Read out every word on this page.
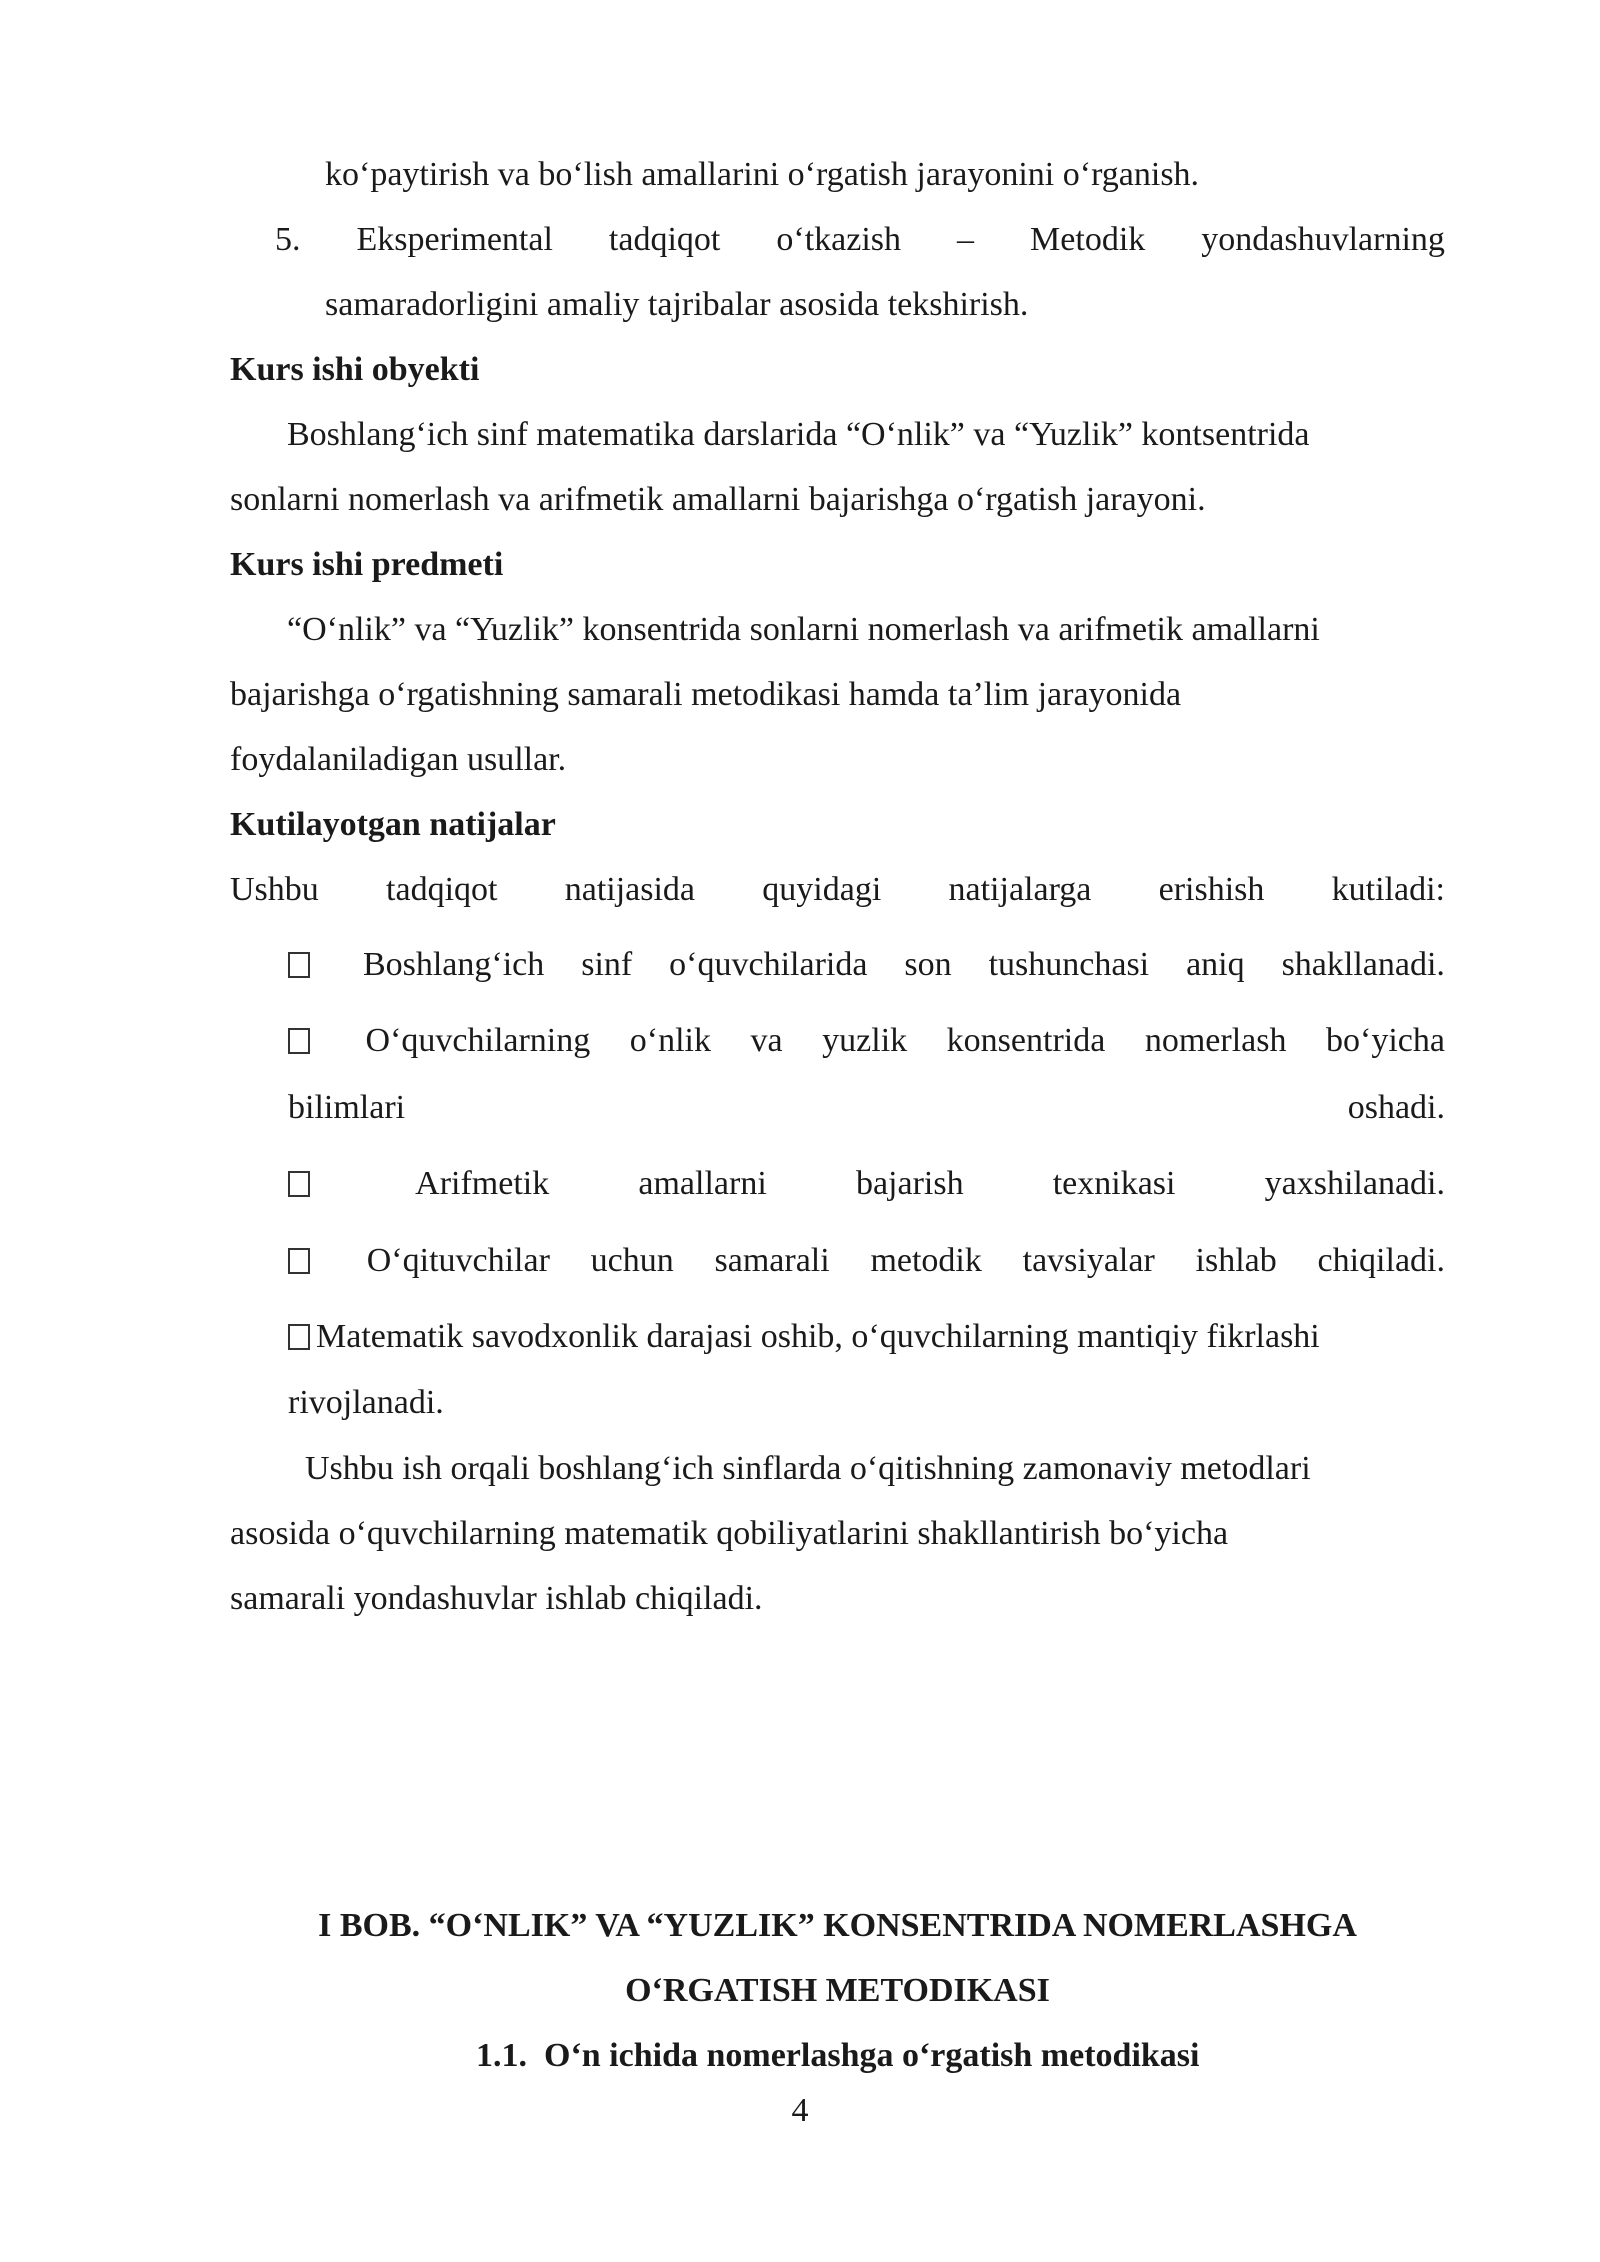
ko‘paytirish va bo‘lish amallarini o‘rgatish jarayonini o‘rganish.
5. Eksperimental tadqiqot o‘tkazish – Metodik yondashuvlarning
samaradorligini amaliy tajribalar asosida tekshirish.
Kurs ishi obyekti
Boshlang‘ich sinf matematika darslarida “O‘nlik” va “Yuzlik” kontsentrida
sonlarni nomerlash va arifmetik amallarni bajarishga o‘rgatish jarayoni.
Kurs ishi predmeti
“O‘nlik” va “Yuzlik” konsentrida sonlarni nomerlash va arifmetik amallarni
bajarishga o‘rgatishning samarali metodikasi hamda ta’lim jarayonida
foydalaniladigan usullar.
Kutilayotgan natijalar
Ushbu tadqiqot natijasida quyidagi natijalarga erishish kutiladi:
Boshlang‘ich sinf o‘quvchilarida son tushunchasi aniq shakllanadi.
O‘quvchilarning o‘nlik va yuzlik konsentrida nomerlash bo‘yicha
bilimlari	oshadi.
Arifmetik	amallarni	bajarish	texnikasi	yaxshilanadi.
O‘qituvchilar uchun samarali metodik tavsiyalar ishlab chiqiladi.
Matematik savodxonlik darajasi oshib, o‘quvchilarning mantiqiy fikrlashi
rivojlanadi.
Ushbu ish orqali boshlang‘ich sinflarda o‘qitishning zamonaviy metodlari
asosida o‘quvchilarning matematik qobiliyatlarini shakllantirish bo‘yicha
samarali yondashuvlar ishlab chiqiladi.
I BOB. “O‘NLIK” VA “YUZLIK” KONSENTRIDA NOMERLASHGA
O‘RGATISH METODIKASI
1.1. O‘n ichida nomerlashga o‘rgatish metodikasi
4
